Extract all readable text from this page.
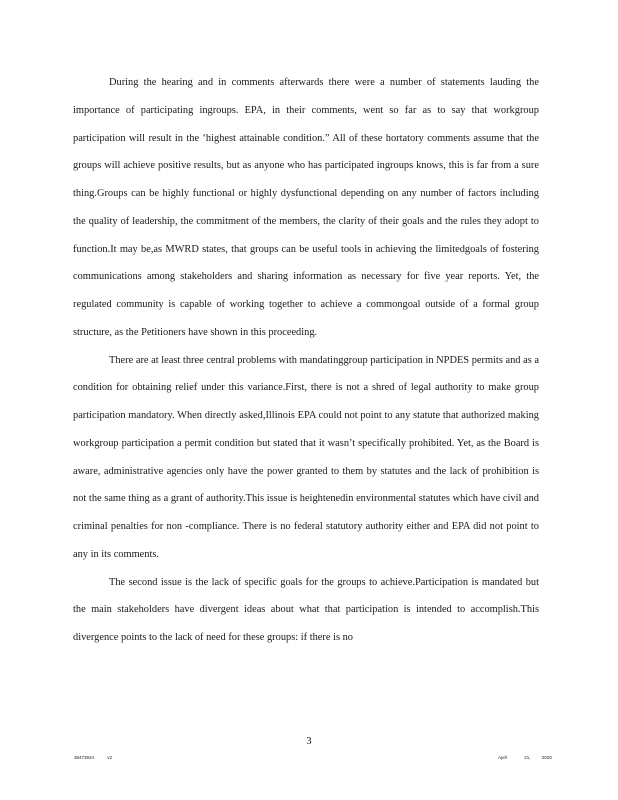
During the hearing and in comments afterwards there were a number of statements lauding the importance of participating ingroups. EPA, in their comments, went so far as to say that workgroup participation will result in the ‘highest attainable condition.” All of these hortatory comments assume that the groups will achieve positive results, but as anyone who has participated ingroups knows, this is far from a sure thing.Groups can be highly functional or highly dysfunctional depending on any number of factors including the quality of leadership, the commitment of the members, the clarity of their goals and the rules they adopt to function.It may be,as MWRD states, that groups can be useful tools in achieving the limitedgoals of fostering communications among stakeholders and sharing information as necessary for five year reports. Yet, the regulated community is capable of working together to achieve a commongoal outside of a formal group structure, as the Petitioners have shown in this proceeding.

There are at least three central problems with mandatinggroup participation in NPDES permits and as a condition for obtaining relief under this variance.First, there is not a shred of legal authority to make group participation mandatory. When directly asked,Illinois EPA could not point to any statute that authorized making workgroup participation a permit condition but stated that it wasn’t specifically prohibited. Yet, as the Board is aware, administrative agencies only have the power granted to them by statutes and the lack of prohibition is not the same thing as a grant of authority.This issue is heightenedin environmental statutes which have civil and criminal penalties for non -compliance. There is no federal statutory authority either and EPA did not point to any in its comments.

The second issue is the lack of specific goals for the groups to achieve.Participation is mandated but the main stakeholders have divergent ideas about what that participation is intended to accomplish.This divergence points to the lack of need for these groups: if there is no

3
38473934	v2	April	21,	2020
